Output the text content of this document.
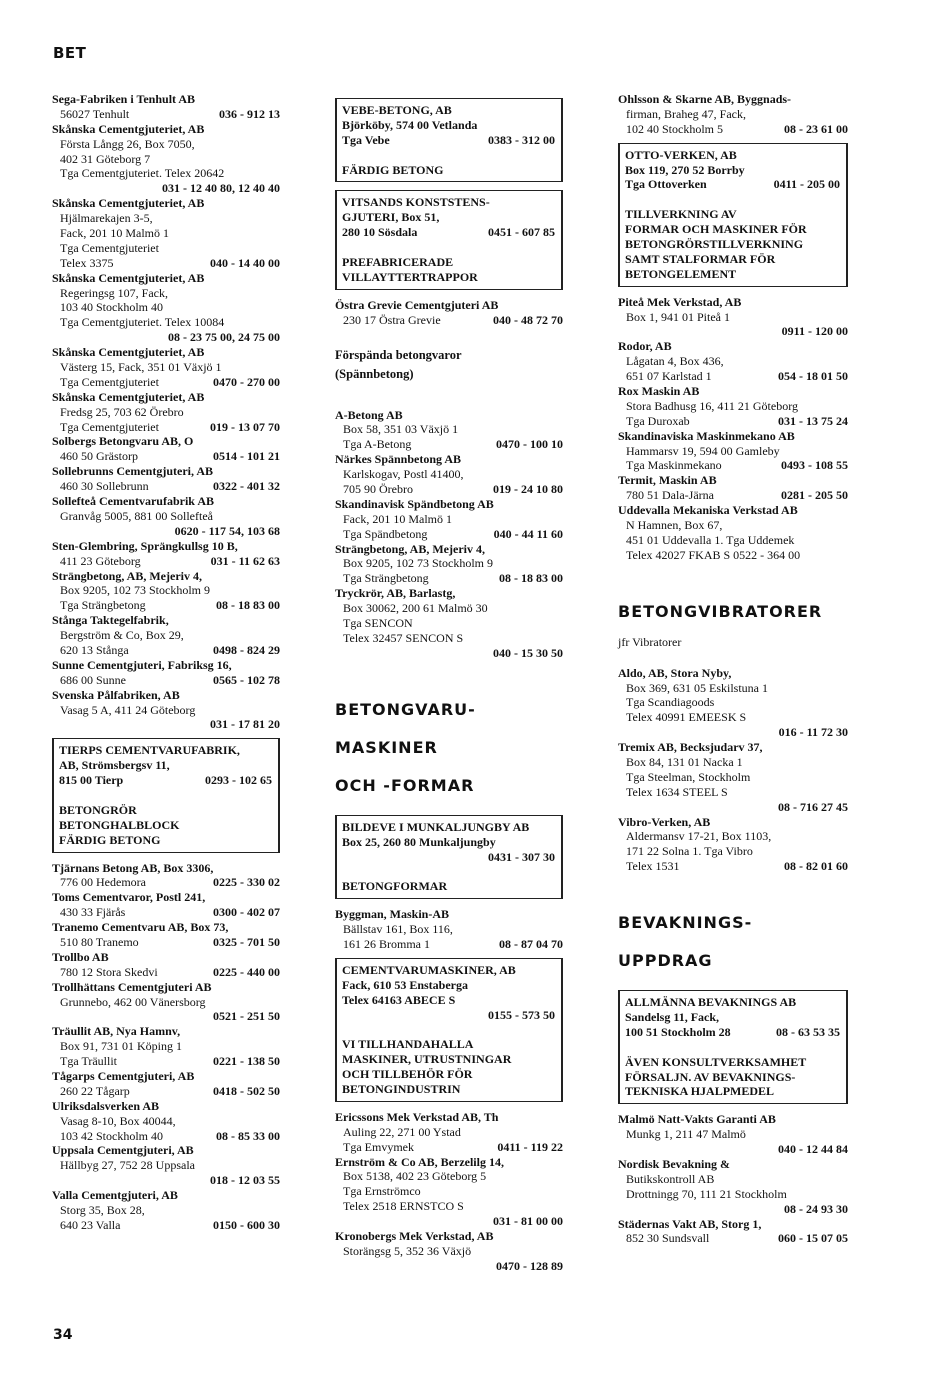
BET
Sega-Fabriken i Tenhult AB
56027 Tenhult	036 - 912 13
Skånska Cementgjuteriet, AB
Första Långg 26, Box 7050,
402 31 Göteborg 7
Tga Cementgjuteriet. Telex 20642
031 - 12 40 80, 12 40 40
Skånska Cementgjuteriet, AB
Hjälmarekajen 3-5,
Fack, 201 10 Malmö 1
Tga Cementgjuteriet
Telex 3375	040 - 14 40 00
Skånska Cementgjuteriet, AB
Regeringsg 107, Fack,
103 40 Stockholm 40
Tga Cementgjuteriet. Telex 10084
08 - 23 75 00, 24 75 00
Skånska Cementgjuteriet, AB
Västerg 15, Fack, 351 01 Växjö 1
Tga Cementgjuteriet	0470 - 270 00
Skånska Cementgjuteriet, AB
Fredsg 25, 703 62 Örebro
Tga Cementgjuteriet	019 - 13 07 70
Solbergs Betongvaru AB, O
460 50 Grästorp	0514 - 101 21
Sollebrunns Cementgjuteri, AB
460 30 Sollebrunn	0322 - 401 32
Sollefteå Cementvarufabrik AB
Granvåg 5005, 881 00 Sollefteå
0620 - 117 54, 103 68
Sten-Glembring, Sprängkullsg 10 B,
411 23 Göteborg	031 - 11 62 63
Strängbetong, AB, Mejeriv 4,
Box 9205, 102 73 Stockholm 9
Tga Strängbetong	08 - 18 83 00
Stånga Taktegelfabrik,
Bergström & Co, Box 29,
620 13 Stånga	0498 - 824 29
Sunne Cementgjuteri, Fabriksg 16,
686 00 Sunne	0565 - 102 78
Svenska Pålfabriken, AB
Vasag 5 A, 411 24 Göteborg
031 - 17 81 20
TIERPS CEMENTVARUFABRIK,
AB, Strömsbergsv 11,
815 00 Tierp	0293 - 102 65
BETONGRÖR
BETONGHALBLOCK
FÄRDIG BETONG
Tjärnans Betong AB, Box 3306,
776 00 Hedemora	0225 - 330 02
Toms Cementvaror, Postl 241,
430 33 Fjärås	0300 - 402 07
Tranemo Cementvaru AB, Box 73,
510 80 Tranemo	0325 - 701 50
Trollbo AB
780 12 Stora Skedvi	0225 - 440 00
Trollhättans Cementgjuteri AB
Grunnebo, 462 00 Vänersborg
0521 - 251 50
Träullit AB, Nya Hamnv,
Box 91, 731 01 Köping 1
Tga Träullit	0221 - 138 50
Tågarps Cementgjuteri, AB
260 22 Tågarp	0418 - 502 50
Ulriksdalsverken AB
Vasag 8-10, Box 40044,
103 42 Stockholm 40	08 - 85 33 00
Uppsala Cementgjuteri, AB
Hällbyg 27, 752 28 Uppsala
018 - 12 03 55
Valla Cementgjuteri, AB
Storg 35, Box 28,
640 23 Valla	0150 - 600 30
VEBE-BETONG, AB
Björköby, 574 00 Vetlanda
Tga Vebe	0383 - 312 00
FÄRDIG BETONG
VITSANDS KONSTSTENS-
GJUTERI, Box 51,
280 10 Sösdala	0451 - 607 85
PREFABRICERADE
VILLAYTTERTRAPPOR
Östra Grevie Cementgjuteri AB
230 17 Östra Grevie	040 - 48 72 70
Förspända betongvaror
(Spännbetong)
A-Betong AB
Box 58, 351 03 Växjö 1
Tga A-Betong	0470 - 100 10
Närkes Spännbetong AB
Karlskogav, Postl 41400,
705 90 Örebro	019 - 24 10 80
Skandinavisk Spändbetong AB
Fack, 201 10 Malmö 1
Tga Spändbetong	040 - 44 11 60
Strängbetong, AB, Mejeriv 4,
Box 9205, 102 73 Stockholm 9
Tga Strängbetong	08 - 18 83 00
Tryckrör, AB, Barlastg,
Box 30062, 200 61 Malmö 30
Tga SENCON
Telex 32457 SENCON S
040 - 15 30 50
BETONGVARU-
MASKINER
OCH -FORMAR
BILDEVE I MUNKALJUNGBY AB
Box 25, 260 80 Munkaljungby
0431 - 307 30
BETONGFORMAR
Byggman, Maskin-AB
Bällstav 161, Box 116,
161 26 Bromma 1	08 - 87 04 70
CEMENTVARUMASKINER, AB
Fack, 610 53 Enstaberga
Telex 64163 ABECE S
0155 - 573 50
VI TILLHANDAHALLA
MASKINER, UTRUSTNINGAR
OCH TILLBEHÖR FÖR
BETONGINDUSTRIN
Ericssons Mek Verkstad AB, Th
Auling 22, 271 00 Ystad
Tga Emvymek	0411 - 119 22
Ernström & Co AB, Berzelilg 14,
Box 5138, 402 23 Göteborg 5
Tga Ernströmco
Telex 2518 ERNSTCO S
031 - 81 00 00
Kronobergs Mek Verkstad, AB
Storängsg 5, 352 36 Växjö
0470 - 128 89
Ohlsson & Skarne AB, Byggnads-
firman, Braheg 47, Fack,
102 40 Stockholm 5	08 - 23 61 00
OTTO-VERKEN, AB
Box 119, 270 52 Borrby
Tga Ottoverken	0411 - 205 00
TILLVERKNING AV
FORMAR OCH MASKINER FÖR
BETONGRÖRSTILLVERKNING
SAMT STALFORMAR FÖR
BETONGELEMENT
Piteå Mek Verkstad, AB
Box 1, 941 01 Piteå 1
0911 - 120 00
Rodor, AB
Lågatan 4, Box 436,
651 07 Karlstad 1	054 - 18 01 50
Rox Maskin AB
Stora Badhusg 16, 411 21 Göteborg
Tga Duroxab	031 - 13 75 24
Skandinaviska Maskinmekano AB
Hammarsv 19, 594 00 Gamleby
Tga Maskinmekano	0493 - 108 55
Termit, Maskin AB
780 51 Dala-Järna	0281 - 205 50
Uddevalla Mekaniska Verkstad AB
N Hamnen, Box 67,
451 01 Uddevalla 1. Tga Uddemek
Telex 42027 FKAB S 0522 - 364 00
BETONGVIBRATORER
jfr Vibratorer
Aldo, AB, Stora Nyby,
Box 369, 631 05 Eskilstuna 1
Tga Scandiagoods
Telex 40991 EMEESK S
016 - 11 72 30
Tremix AB, Becksjudarv 37,
Box 84, 131 01 Nacka 1
Tga Steelman, Stockholm
Telex 1634 STEEL S
08 - 716 27 45
Vibro-Verken, AB
Aldermansv 17-21, Box 1103,
171 22 Solna 1. Tga Vibro
Telex 1531	08 - 82 01 60
BEVAKNINGS-
UPPDRAG
ALLMÄNNA BEVAKNINGS AB
Sandelsg 11, Fack,
100 51 Stockholm 28	08 - 63 53 35
ÄVEN KONSULTVERKSAMHET
FÖRSALJN. AV BEVAKNINGS-
TEKNISKA HJALPMEDEL
Malmö Natt-Vakts Garanti AB
Munkg 1, 211 47 Malmö
040 - 12 44 84
Nordisk Bevakning &
Butikskontroll AB
Drottningg 70, 111 21 Stockholm
08 - 24 93 30
Städernas Vakt AB, Storg 1,
852 30 Sundsvall	060 - 15 07 05
34
